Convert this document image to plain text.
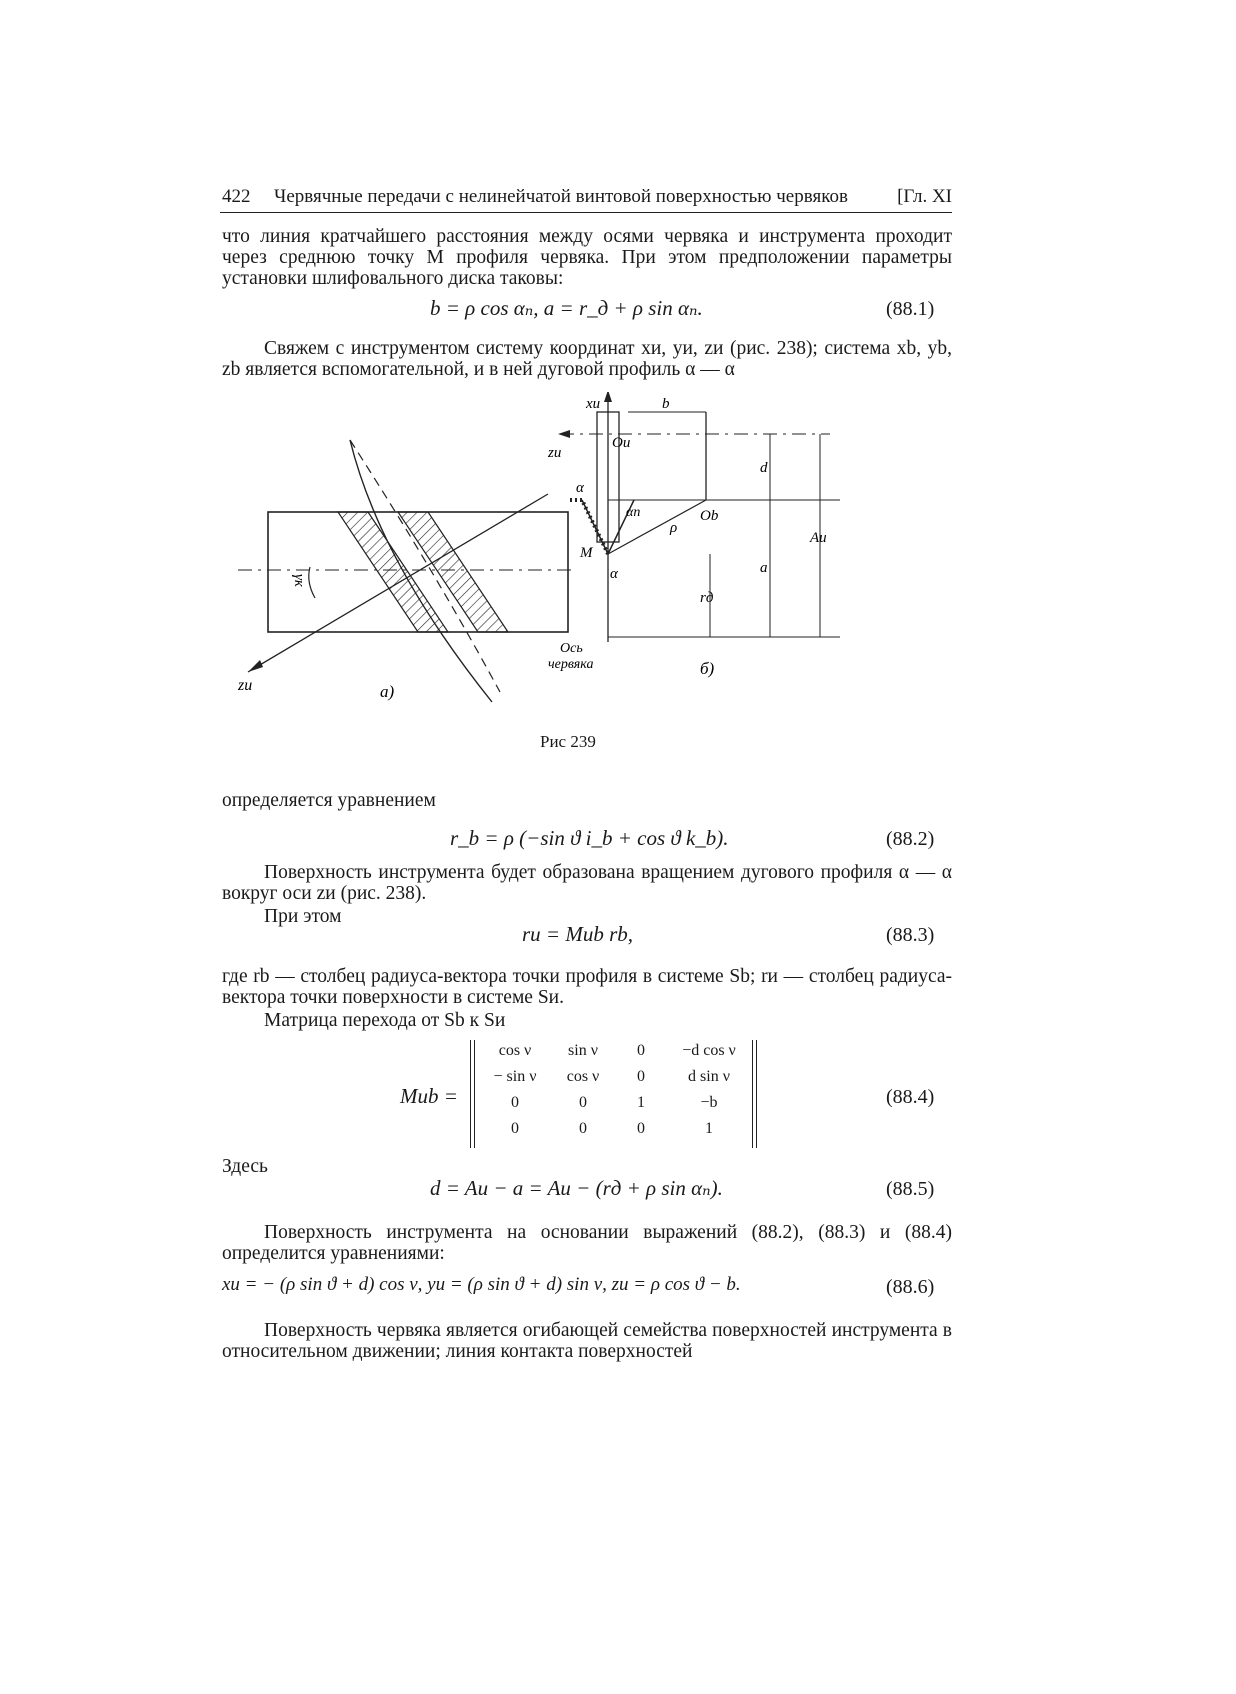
422 Червячные передачи с нелинейчатой винтовой поверхностью червяков	[Гл. XI
что линия кратчайшего расстояния между осями червяка и инструмента проходит через среднюю точку M профиля червяка. При этом предположении параметры установки шлифовального диска таковы:
b = ρ cos αₙ, a = r_д + ρ sin αₙ.	(88.1)
Свяжем с инструментом систему координат xи, yи, zи (рис. 238); система xb, yb, zb является вспомогательной, и в ней дуговой профиль α — α
zи
γк
а)
xи
zи
b
Oи
Ob
ρ
α
α
αn
M
d
a
Aи
rд
Ось
червяка	б)
Рис 239
определяется уравнением
r_b = ρ (−sin ϑ i_b + cos ϑ k_b).	(88.2)
Поверхность инструмента будет образована вращением дугового профиля α — α вокруг оси zи (рис. 238).
При этом
rи = Mиb rb,	(88.3)
где rb — столбец радиуса-вектора точки профиля в системе Sb; rи — столбец радиуса-вектора точки поверхности в системе Sи.
Матрица перехода от Sb к Sи
Mиb =
cos ν	sin ν	0	−d cos ν
− sin ν	cos ν	0	d sin ν
0	0	1	−b
0	0	0	1
(88.4)
Здесь
d = Aи − a = Aи − (rд + ρ sin αₙ).	(88.5)
Поверхность инструмента на основании выражений (88.2), (88.3) и (88.4) определится уравнениями:
xи = − (ρ sin ϑ + d) cos ν, yи = (ρ sin ϑ + d) sin ν, zи = ρ cos ϑ − b.	(88.6)
Поверхность червяка является огибающей семейства поверхностей инструмента в относительном движении; линия контакта поверхностей
